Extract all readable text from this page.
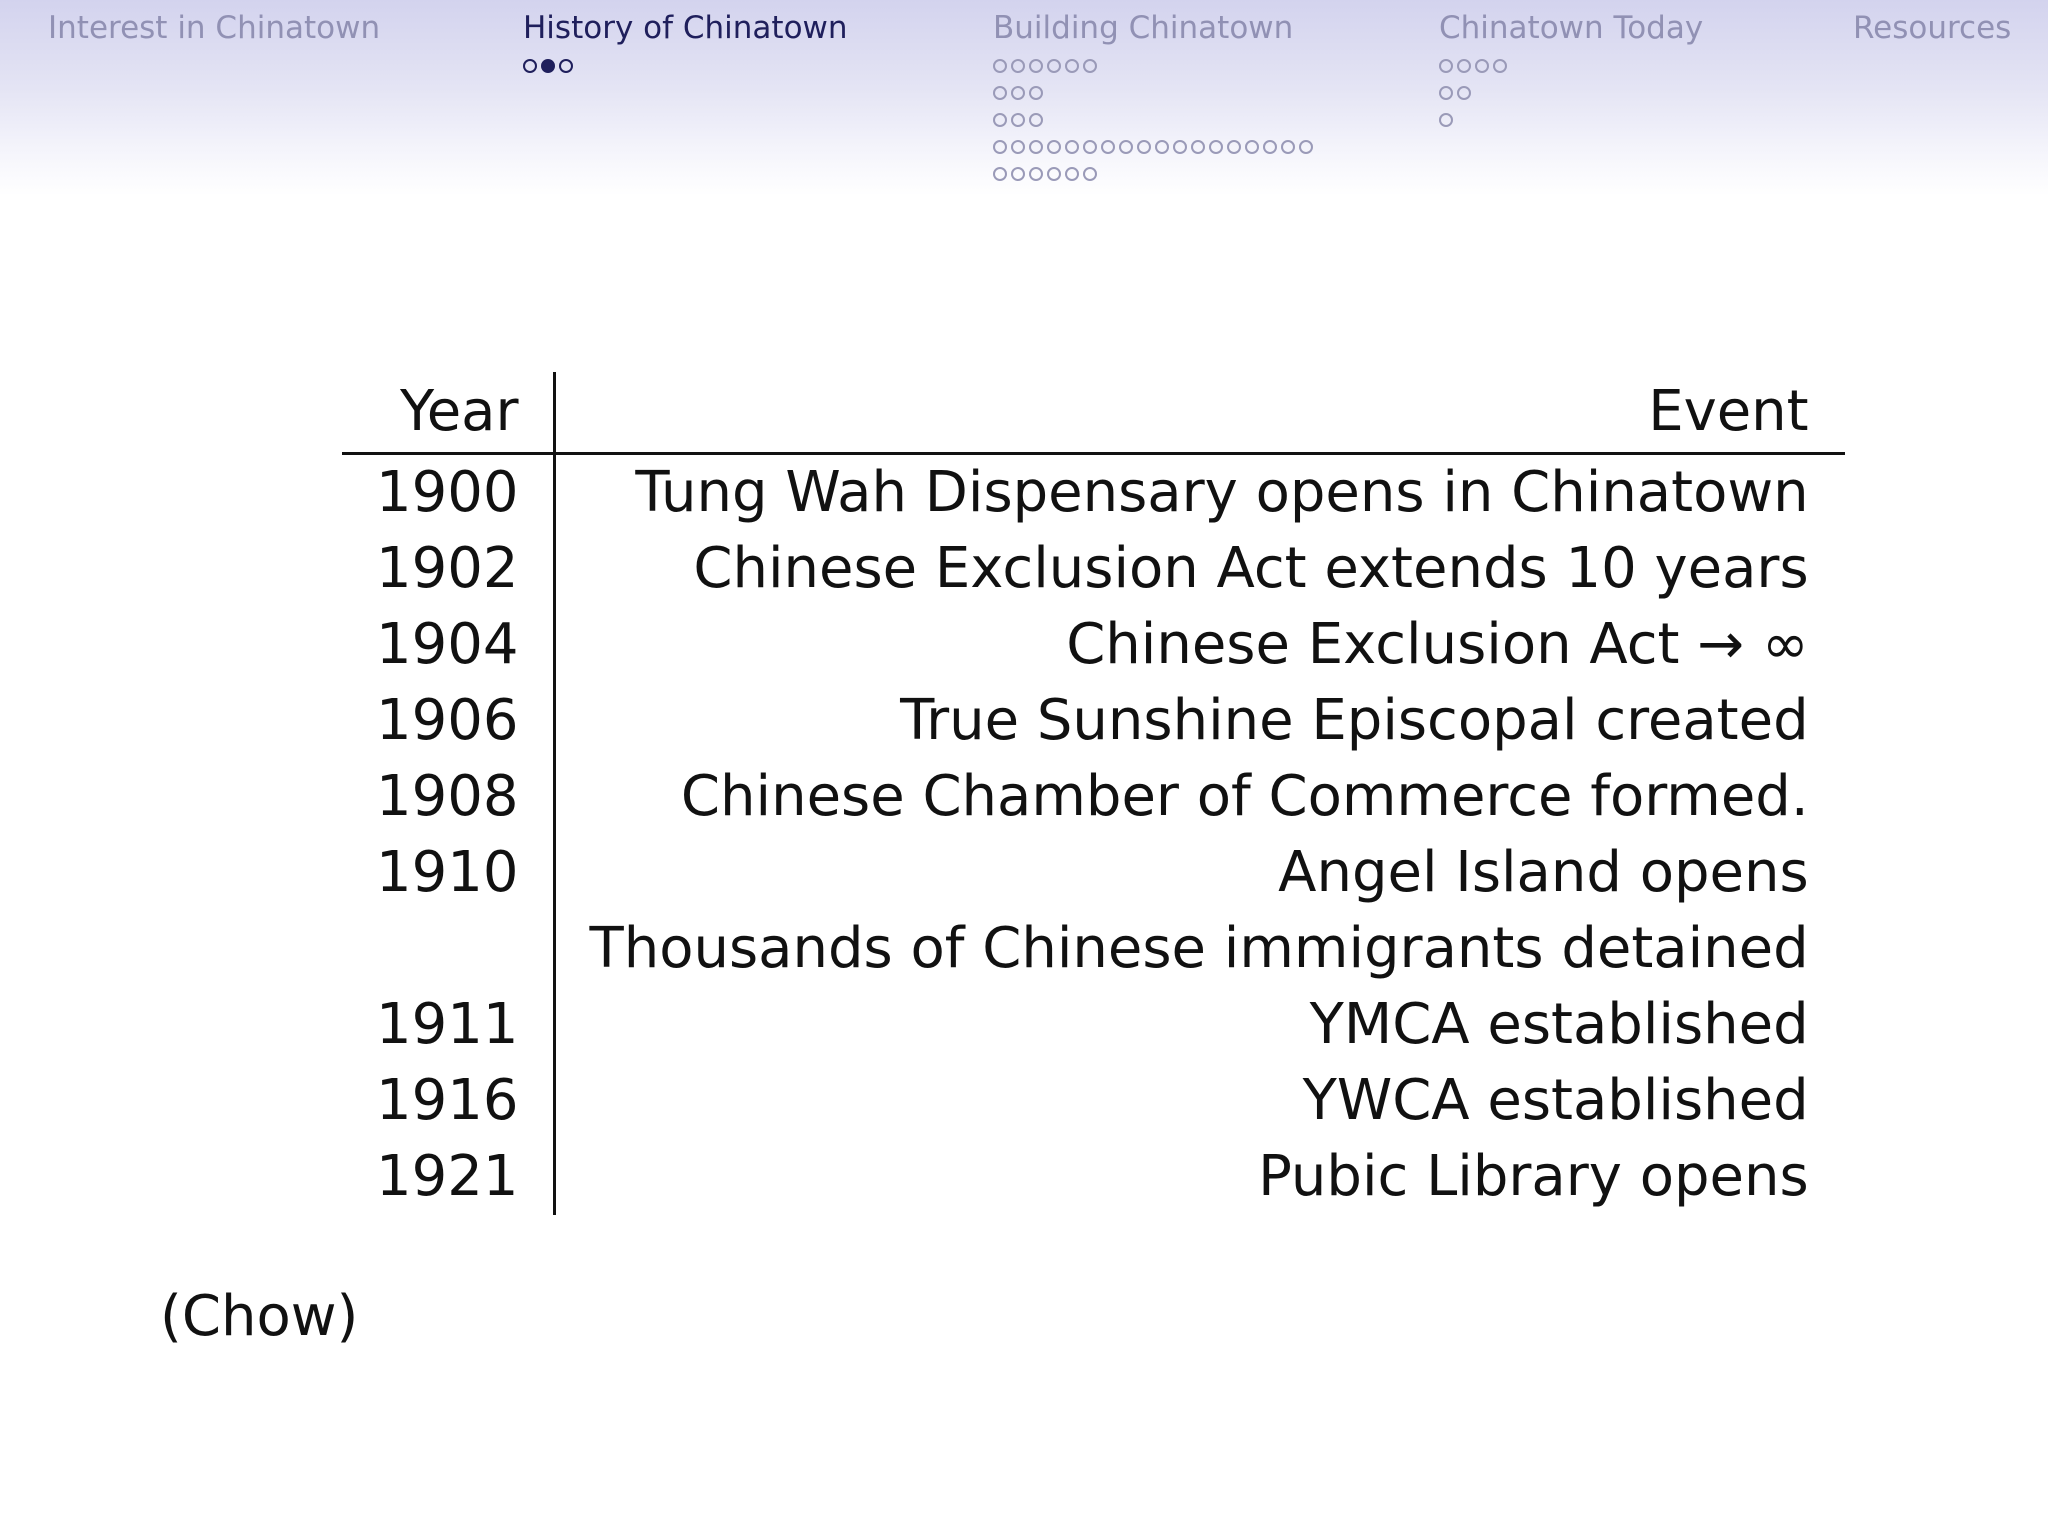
Interest in Chinatown	History of Chinatown	Building Chinatown	Chinatown Today	Resources
Year	Event
1900	Tung Wah Dispensary opens in Chinatown
1902	Chinese Exclusion Act extends 10 years
1904	Chinese Exclusion Act → ∞
1906	True Sunshine Episcopal created
1908	Chinese Chamber of Commerce formed.
1910	Angel Island opens
	Thousands of Chinese immigrants detained
1911	YMCA established
1916	YWCA established
1921	Pubic Library opens
(Chow)
